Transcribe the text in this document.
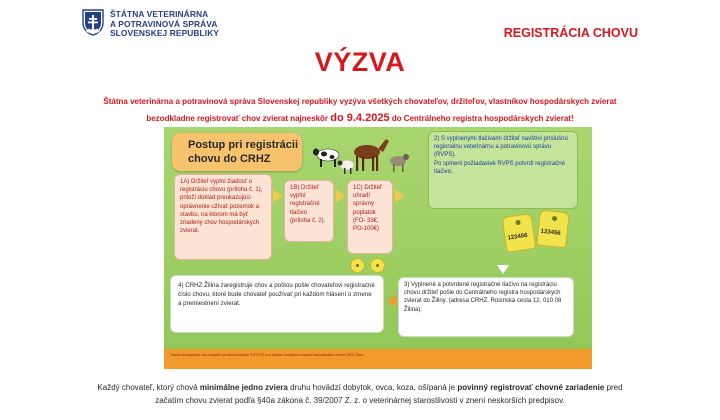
ŠTÁTNA VETERINÁRNA
A POTRAVINOVÁ SPRÁVA
SLOVENSKEJ REPUBLIKY	REGISTRÁCIA CHOVU
VÝZVA
Štátna veterinárna a potravinová správa Slovenskej republiky vyzýva všetkých chovateľov, držiteľov, vlastníkov hospodárskych zvierat
bezodkladne registrovať chov zvierat najneskôr do 9.4.2025 do Centrálneho registra hospodárskych zvierat!
Postup pri registrácii
chovu do CRHZ
1A) Držiteľ vyplní žiadosť o registráciu chovu (príloha č. 1), priloží doklad preukazujúci oprávnenie užívať pozemok a stavbu, na ktorom má byť zriadený chov hospodárskych zvierat.
1B) Držiteľ vyplní registračné tlačivo (príloha č. 2).
1C) Držiteľ uhradí správny poplatok (FO- 33€, PO-100€)
2) S vyplnenými tlačivami držiteľ navštívi príslušnú regionálnu veterinárnu a potravinovú správu (RVPS).
Po splnení požiadaviek RVPS potvrdí registračné tlačivo.
123456
123456
3) Vyplnené a potvrdené registračné tlačivo na registráciu chovu držiteľ pošle do Centrálneho registra hospodárskych zvierat do Žiliny. (adresa CRHZ, Rosinská cesta 12, 010 08 Žilina).
4) CRHZ Žilina zaregistruje chov a poštou pošle chovateľovi registračné číslo chovu, ktoré bude chovateľ používať pri každom hlásení o zmene a premiestnení zvierat.
Tlačivá na registráciu chovu nájdete na webovej stránke ŠVPS SR a na stránke Centrálneho registra hospodárskych zvierat CRHZ Žilina.
Každý chovateľ, ktorý chová minimálne jedno zviera druhu hovädzí dobytok, ovca, koza, ošípaná je povinný registrovať chovné zariadenie pred začatím chovu zvierat podľa §40a zákona č. 39/2007 Z. z. o veterinárnej starostlivosti v znení neskorších predpisov.
